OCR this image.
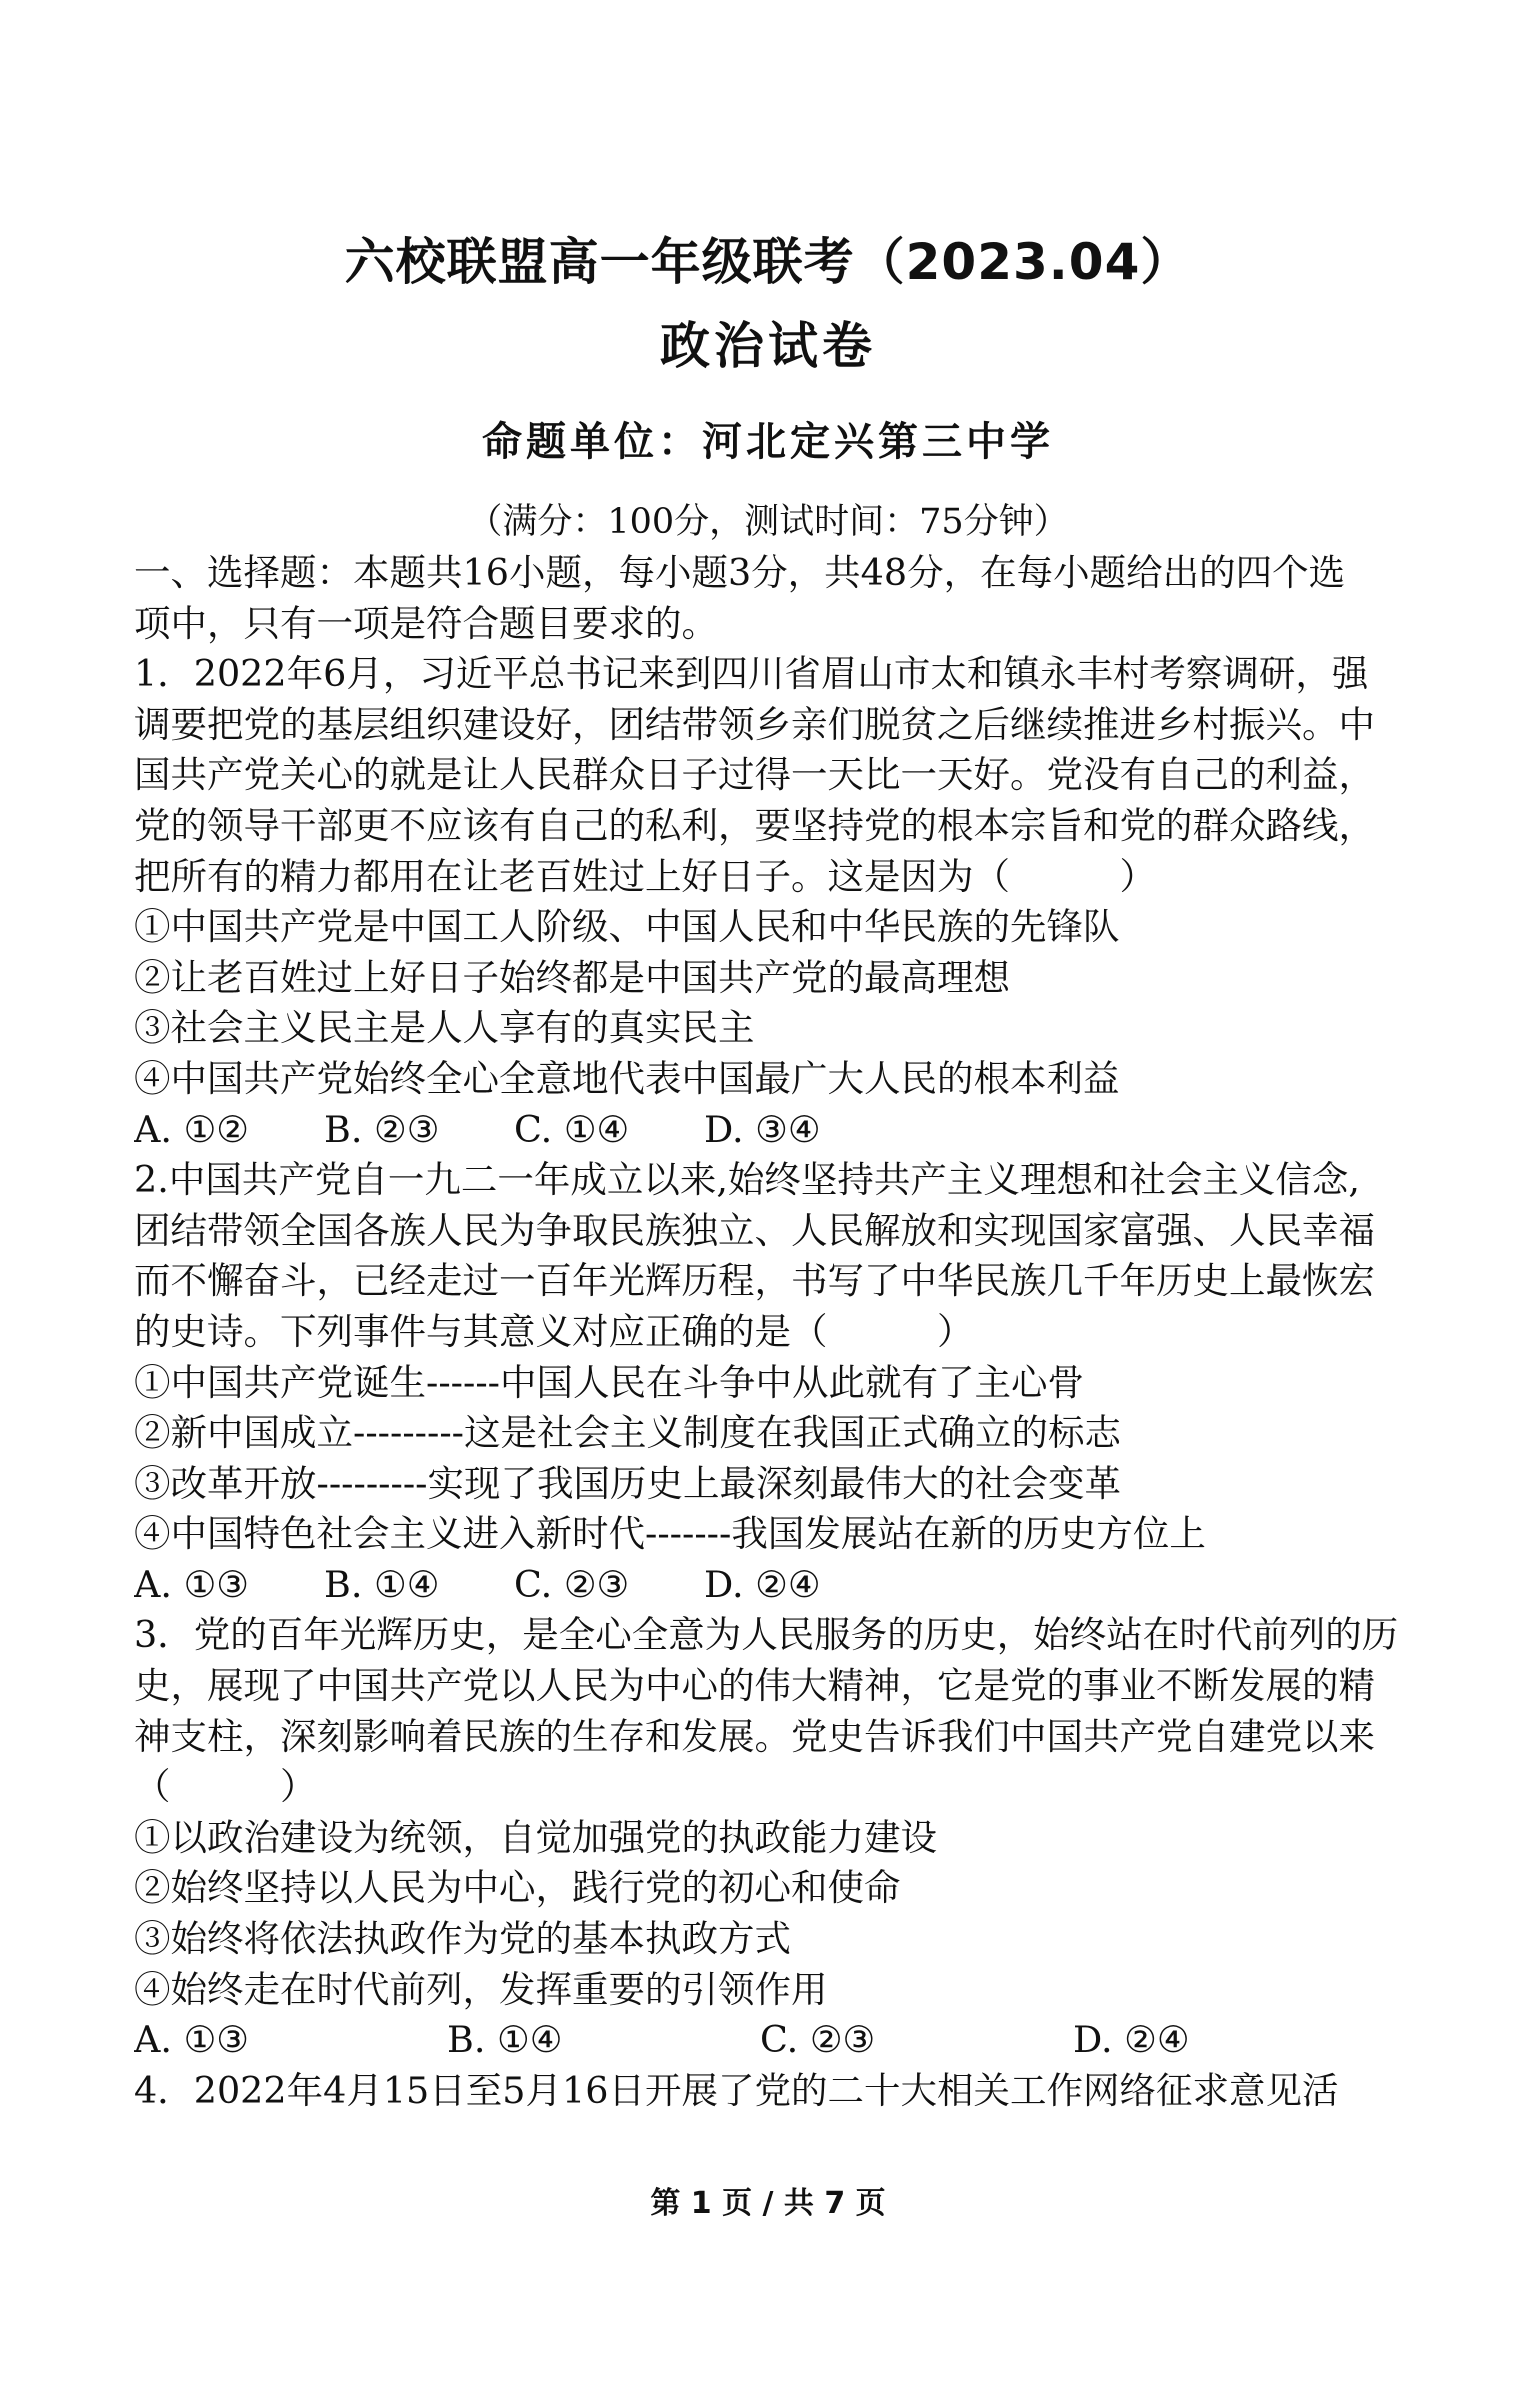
六校联盟高一年级联考（2023.04）
政治试卷
命题单位：河北定兴第三中学
（满分：100分，测试时间：75分钟）
一、选择题：本题共16小题，每小题3分，共48分，在每小题给出的四个选
项中，只有一项是符合题目要求的。
1．2022年6月，习近平总书记来到四川省眉山市太和镇永丰村考察调研，强
调要把党的基层组织建设好，团结带领乡亲们脱贫之后继续推进乡村振兴。中
国共产党关心的就是让人民群众日子过得一天比一天好。党没有自己的利益，
党的领导干部更不应该有自己的私利，要坚持党的根本宗旨和党的群众路线，
把所有的精力都用在让老百姓过上好日子。这是因为（　　　）
①中国共产党是中国工人阶级、中国人民和中华民族的先锋队
②让老百姓过上好日子始终都是中国共产党的最高理想
③社会主义民主是人人享有的真实民主
④中国共产党始终全心全意地代表中国最广大人民的根本利益
A. ①②	B. ②③	C. ①④	D. ③④
2.中国共产党自一九二一年成立以来,始终坚持共产主义理想和社会主义信念,
团结带领全国各族人民为争取民族独立、人民解放和实现国家富强、人民幸福
而不懈奋斗，已经走过一百年光辉历程，书写了中华民族几千年历史上最恢宏
的史诗。下列事件与其意义对应正确的是（　　　）
①中国共产党诞生------中国人民在斗争中从此就有了主心骨
②新中国成立---------这是社会主义制度在我国正式确立的标志
③改革开放---------实现了我国历史上最深刻最伟大的社会变革
④中国特色社会主义进入新时代-------我国发展站在新的历史方位上
A. ①③	B. ①④	C. ②③	D. ②④
3．党的百年光辉历史，是全心全意为人民服务的历史，始终站在时代前列的历
史，展现了中国共产党以人民为中心的伟大精神，它是党的事业不断发展的精
神支柱，深刻影响着民族的生存和发展。党史告诉我们中国共产党自建党以来
（　　　）
①以政治建设为统领，自觉加强党的执政能力建设
②始终坚持以人民为中心，践行党的初心和使命
③始终将依法执政作为党的基本执政方式
④始终走在时代前列，发挥重要的引领作用
A. ①③	B. ①④	C. ②③	D. ②④
4．2022年4月15日至5月16日开展了党的二十大相关工作网络征求意见活
第 1 页 / 共 7 页
